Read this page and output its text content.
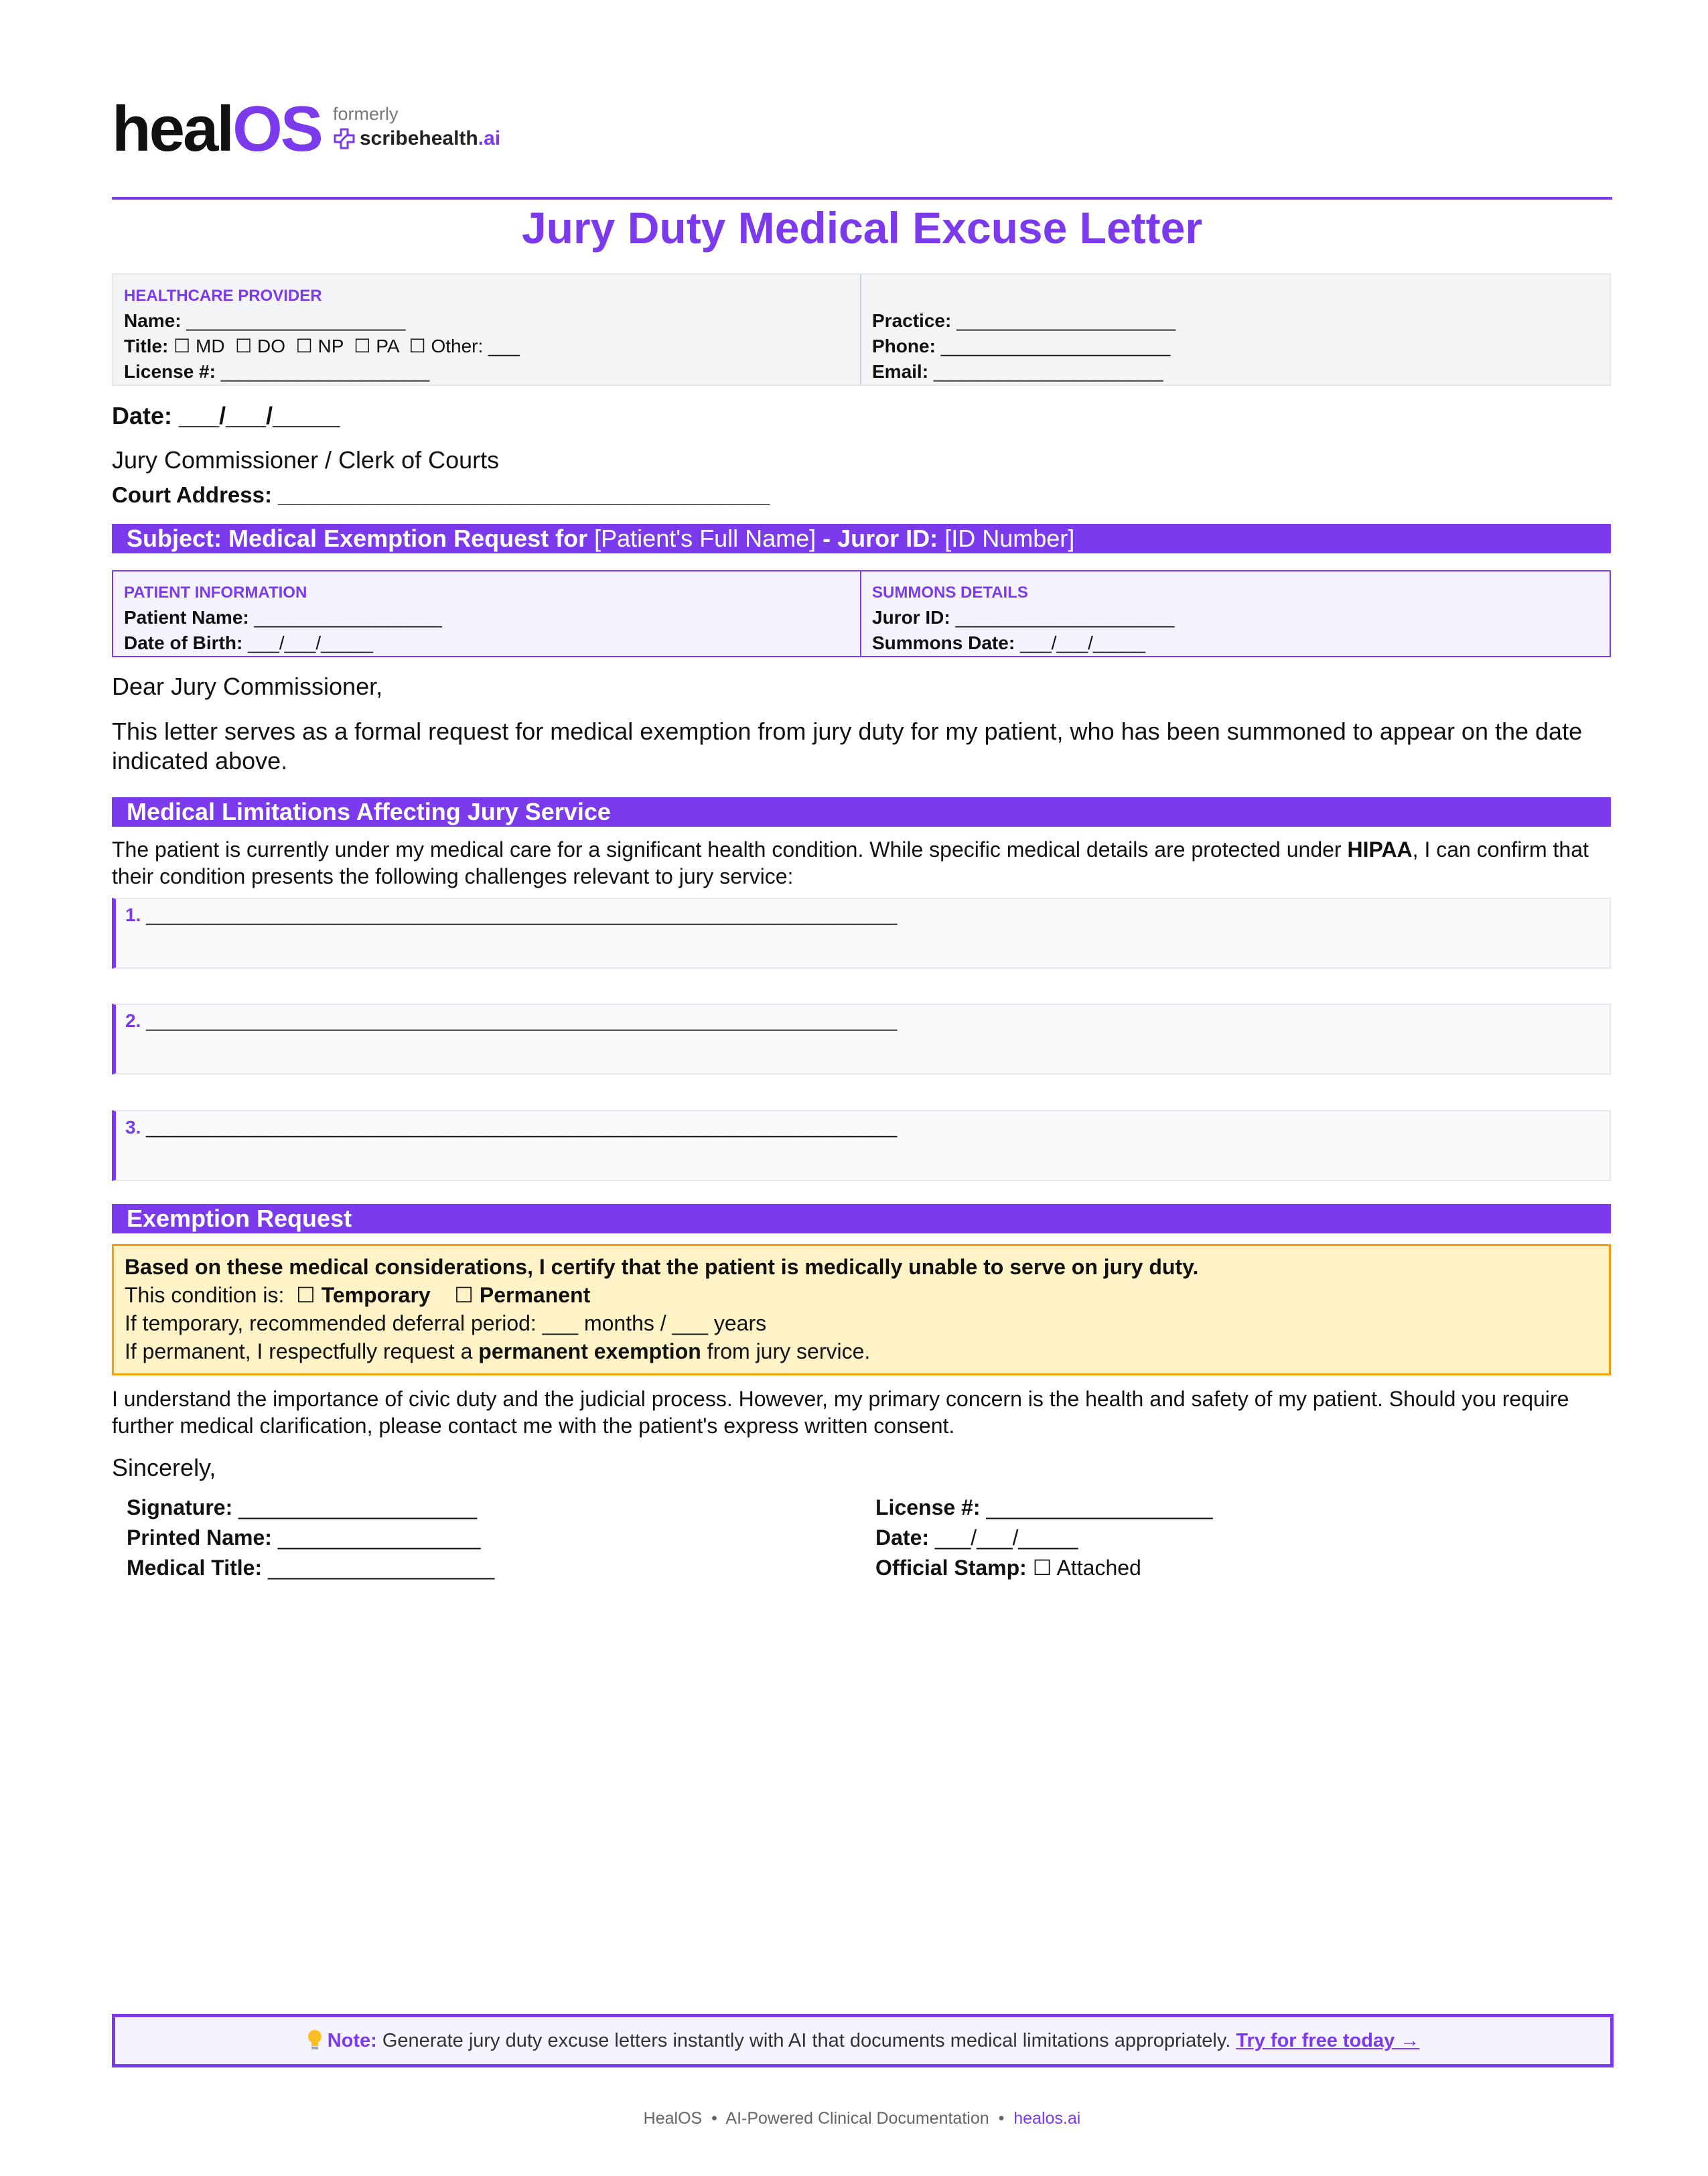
healOS formerly
scribehealth.ai
Jury Duty Medical Excuse Letter
HEALTHCARE PROVIDER
Name: _____________________
Title: ☐ MD  ☐ DO  ☐ NP  ☐ PA  ☐ Other: ___
License #: ____________________

Practice: _____________________
Phone: ______________________
Email: ______________________
Date: ___/___/_____
Jury Commissioner / Clerk of Courts
Court Address: ________________________________________
Subject: Medical Exemption Request for [Patient's Full Name] - Juror ID: [ID Number]
PATIENT INFORMATION
Patient Name: __________________
Date of Birth: ___/___/_____
SUMMONS DETAILS
Juror ID: _____________________
Summons Date: ___/___/_____
Dear Jury Commissioner,
This letter serves as a formal request for medical exemption from jury duty for my patient, who has been summoned to appear on the date indicated above.
Medical Limitations Affecting Jury Service
The patient is currently under my medical care for a significant health condition. While specific medical details are protected under HIPAA, I can confirm that their condition presents the following challenges relevant to jury service:
1. ________________________________________________________________________
2. ________________________________________________________________________
3. ________________________________________________________________________
Exemption Request
Based on these medical considerations, I certify that the patient is medically unable to serve on jury duty.
This condition is: ☐ Temporary ☐ Permanent
If temporary, recommended deferral period: ___ months / ___ years
If permanent, I respectfully request a permanent exemption from jury service.
I understand the importance of civic duty and the judicial process. However, my primary concern is the health and safety of my patient. Should you require further medical clarification, please contact me with the patient's express written consent.
Sincerely,
Signature: ____________________
Printed Name: _________________
Medical Title: ___________________
License #: ___________________
Date: ___/___/_____
Official Stamp: ☐ Attached
Note: Generate jury duty excuse letters instantly with AI that documents medical limitations appropriately. Try for free today →
HealOS • AI-Powered Clinical Documentation • healos.ai
